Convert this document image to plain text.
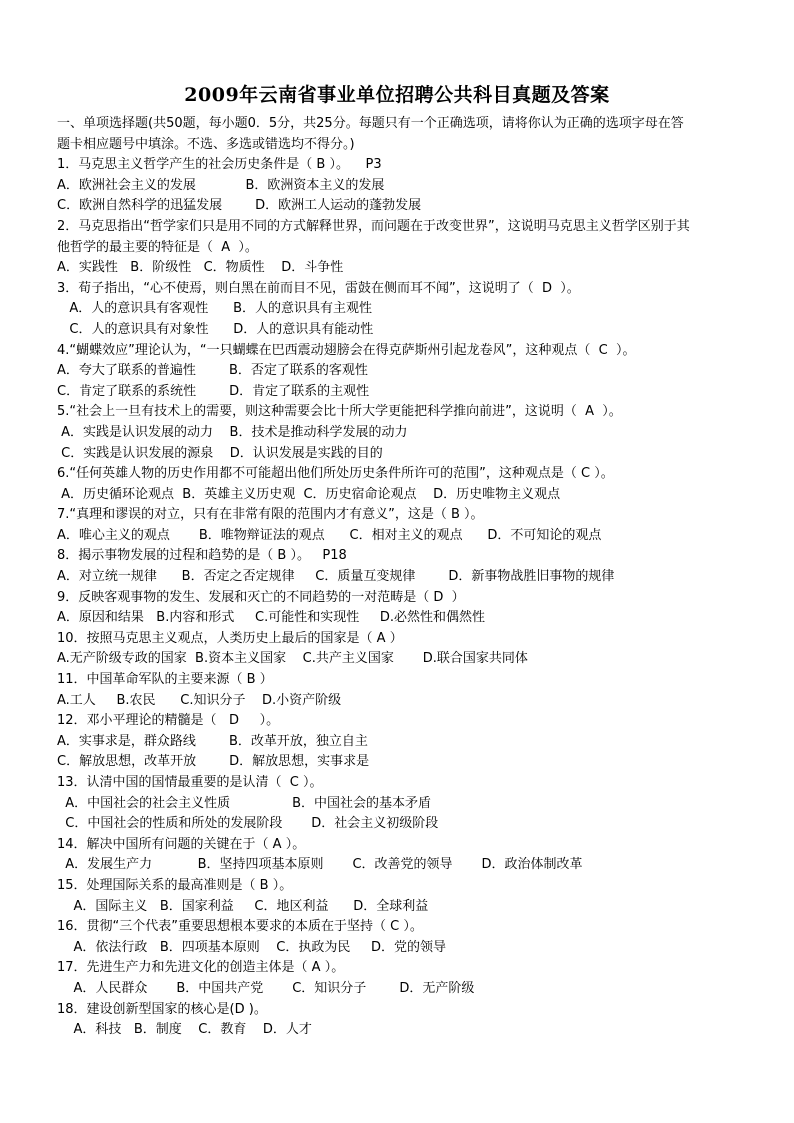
2009年云南省事业单位招聘公共科目真题及答案
一、单项选择题(共50题，每小题0．5分，共25分。每题只有一个正确选项，请将你认为正确的选项字母在答
题卡相应题号中填涂。不选、多选或错选均不得分。)
1．马克思主义哲学产生的社会历史条件是（ B ）。    P3
A．欧洲社会主义的发展            B．欧洲资本主义的发展
C．欧洲自然科学的迅猛发展        D．欧洲工人运动的蓬勃发展
2．马克思指出“哲学家们只是用不同的方式解释世界，而问题在于改变世界”，这说明马克思主义哲学区别于其
他哲学的最主要的特征是（  A  ）。
A．实践性   B．阶级性   C．物质性    D．斗争性
3．荀子指出，“心不使焉，则白黑在前而目不见，雷鼓在侧而耳不闻”，这说明了（  D  ）。
A．人的意识具有客观性      B．人的意识具有主观性
C．人的意识具有对象性      D．人的意识具有能动性
4.“蝴蝶效应”理论认为，“一只蝴蝶在巴西震动翅膀会在得克萨斯州引起龙卷风”，这种观点（  C  ）。
A．夸大了联系的普遍性        B．否定了联系的客观性
C．肯定了联系的系统性        D．肯定了联系的主观性
5.“社会上一旦有技术上的需要，则这种需要会比十所大学更能把科学推向前进”，这说明（  A  ）。
A．实践是认识发展的动力    B．技术是推动科学发展的动力
C．实践是认识发展的源泉    D．认识发展是实践的目的
6.“任何英雄人物的历史作用都不可能超出他们所处历史条件所许可的范围”，这种观点是（ C ）。
A．历史循环论观点  B．英雄主义历史观  C．历史宿命论观点    D．历史唯物主义观点
7.“真理和谬误的对立，只有在非常有限的范围内才有意义”，这是（ B ）。
A．唯心主义的观点       B．唯物辩证法的观点      C．相对主义的观点      D．不可知论的观点
8．揭示事物发展的过程和趋势的是（ B ）。   P18
A．对立统一规律      B．否定之否定规律     C．质量互变规律        D．新事物战胜旧事物的规律
9．反映客观事物的发生、发展和灭亡的不同趋势的一对范畴是（ D  ）
A．原因和结果   B.内容和形式     C.可能性和实现性     D.必然性和偶然性
10．按照马克思主义观点，人类历史上最后的国家是（ A ）
A.无产阶级专政的国家  B.资本主义国家    C.共产主义国家       D.联合国家共同体
11．中国革命军队的主要来源（ B ）
A.工人     B.农民      C.知识分子    D.小资产阶级
12．邓小平理论的精髓是（   D     ）。
A．实事求是，群众路线        B．改革开放，独立自主
C．解放思想，改革开放        D．解放思想，实事求是
13．认清中国的国情最重要的是认清（  C ）。
A．中国社会的社会主义性质               B．中国社会的基本矛盾
C．中国社会的性质和所处的发展阶段       D．社会主义初级阶段
14．解决中国所有问题的关键在于（ A ）。
A．发展生产力           B．坚持四项基本原则       C．改善党的领导       D．政治体制改革
15．处理国际关系的最高准则是（ B ）。
A．国际主义   B．国家利益     C．地区利益      D．全球利益
16．贯彻“三个代表”重要思想根本要求的本质在于坚持（ C ）。
A．依法行政   B．四项基本原则    C．执政为民     D．党的领导
17．先进生产力和先进文化的创造主体是（ A ）。
A．人民群众       B．中国共产党       C．知识分子        D．无产阶级
18．建设创新型国家的核心是(D )。
A．科技   B．制度    C．教育    D．人才
